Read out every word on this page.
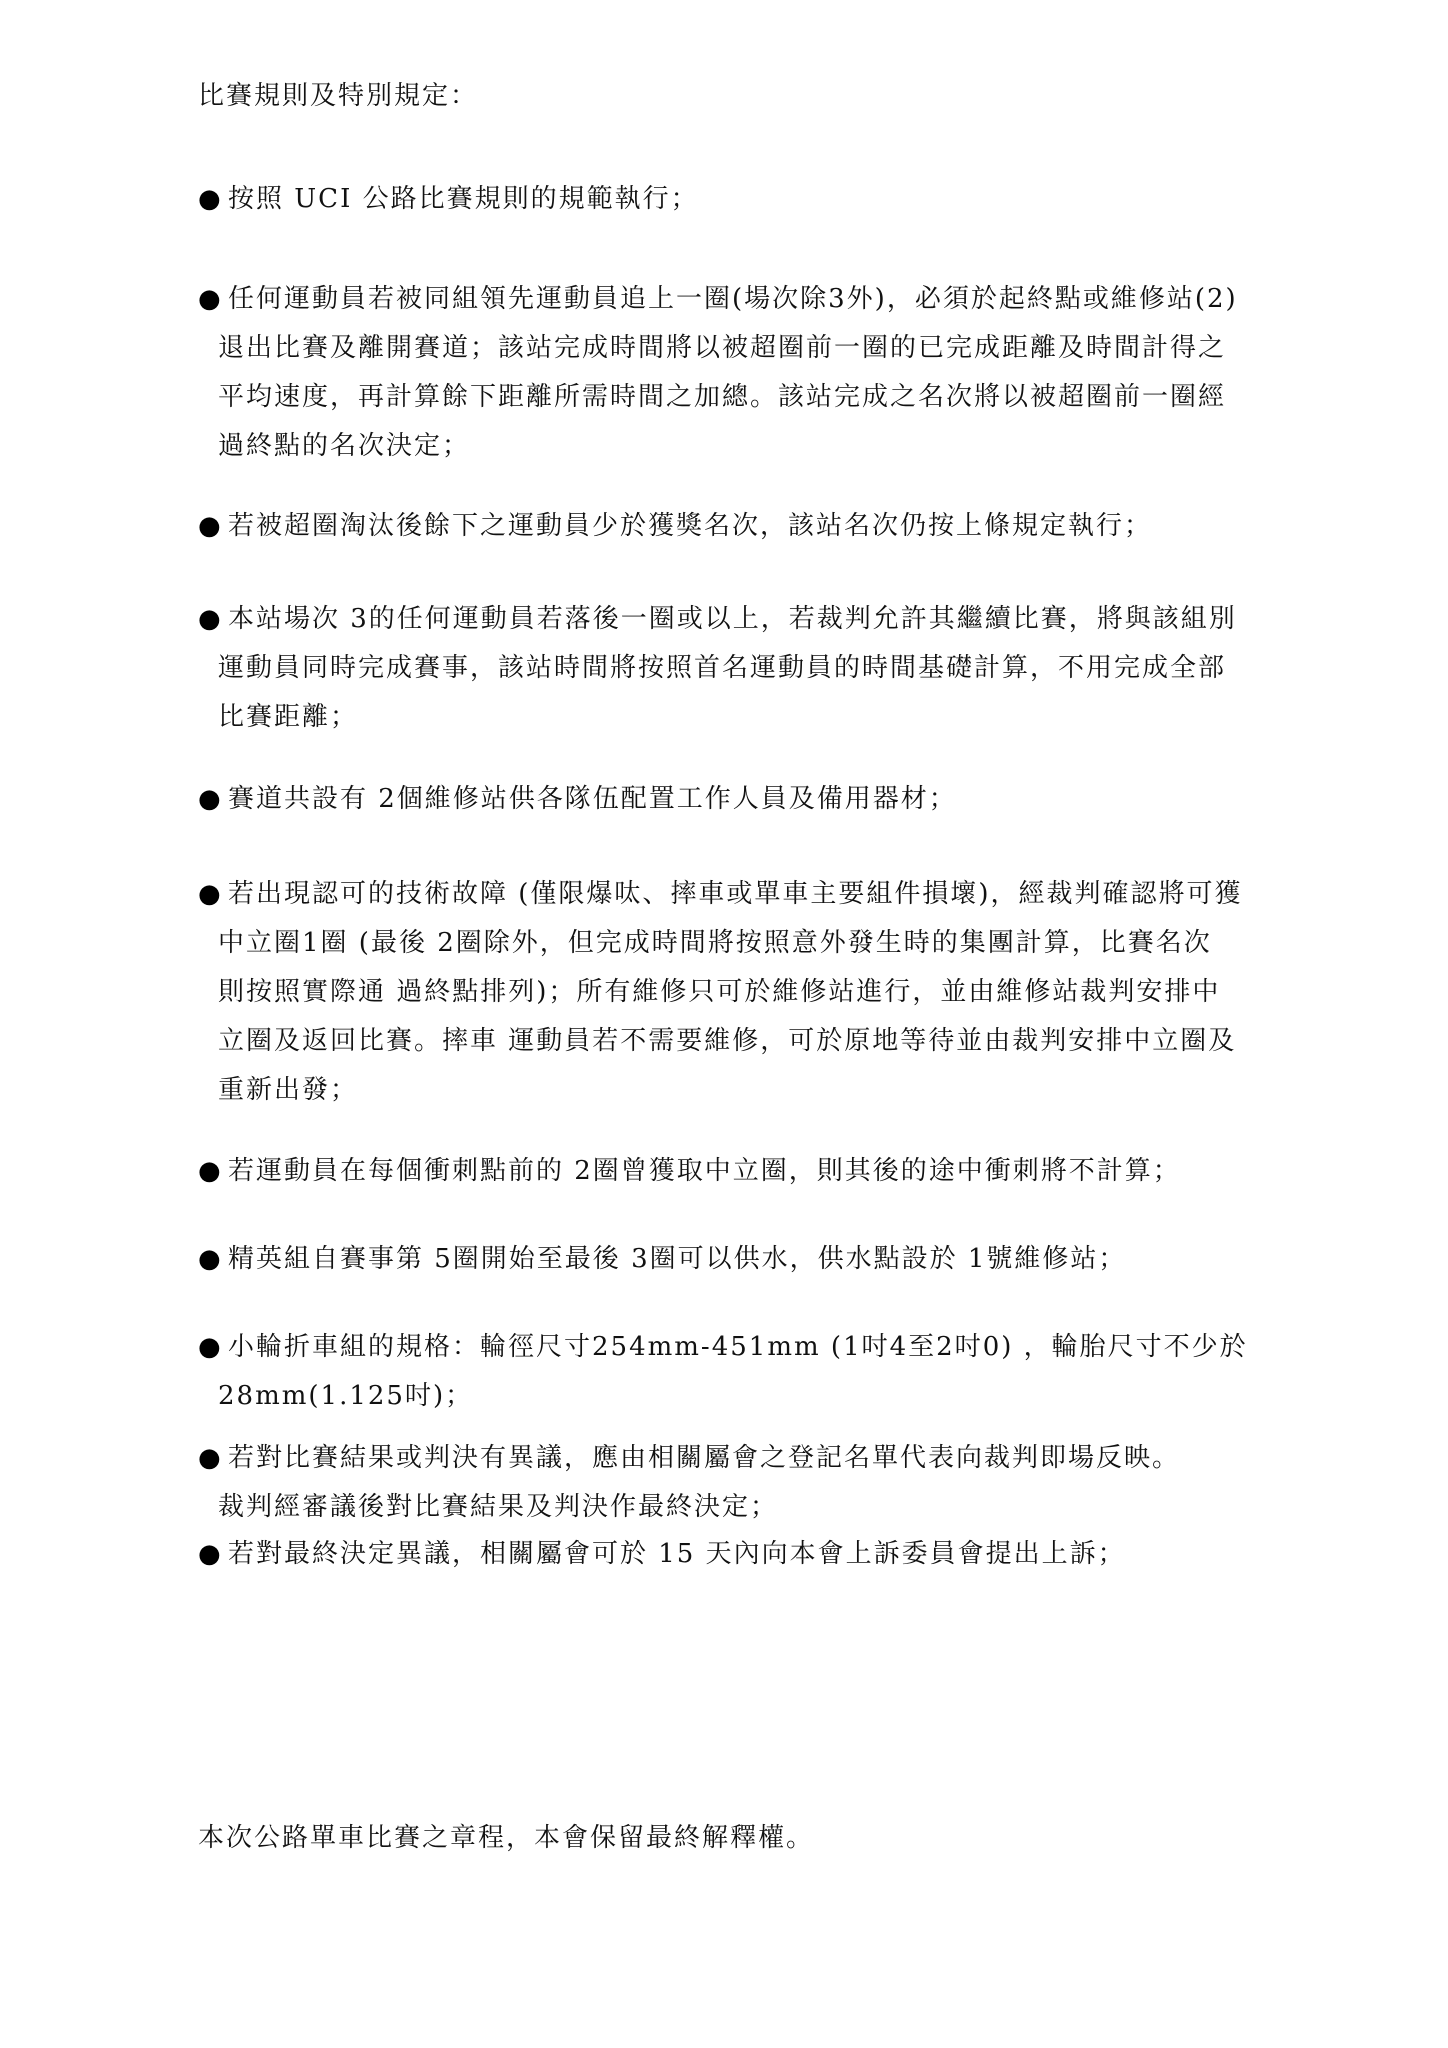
比賽規則及特別規定：
● 按照 UCI 公路比賽規則的規範執行；
● 任何運動員若被同組領先運動員追上一圈(場次除3外)，必須於起終點或維修站(2)
退出比賽及離開賽道；該站完成時間將以被超圈前一圈的已完成距離及時間計得之
平均速度，再計算餘下距離所需時間之加總。該站完成之名次將以被超圈前一圈經
過終點的名次決定；
● 若被超圈淘汰後餘下之運動員少於獲獎名次，該站名次仍按上條規定執行；
● 本站場次 3的任何運動員若落後一圈或以上，若裁判允許其繼續比賽，將與該組別
運動員同時完成賽事，該站時間將按照首名運動員的時間基礎計算，不用完成全部
比賽距離；
● 賽道共設有 2個維修站供各隊伍配置工作人員及備用器材；
● 若出現認可的技術故障 (僅限爆呔、摔車或單車主要組件損壞)，經裁判確認將可獲
中立圈1圈 (最後 2圈除外，但完成時間將按照意外發生時的集團計算，比賽名次
則按照實際通 過終點排列)；所有維修只可於維修站進行，並由維修站裁判安排中
立圈及返回比賽。摔車 運動員若不需要維修，可於原地等待並由裁判安排中立圈及
重新出發；
● 若運動員在每個衝刺點前的 2圈曾獲取中立圈，則其後的途中衝刺將不計算；
● 精英組自賽事第 5圈開始至最後 3圈可以供水，供水點設於 1號維修站；
● 小輪折車組的規格：輪徑尺寸254mm-451mm (1吋4至2吋0) ，輪胎尺寸不少於
28mm(1.125吋)；
● 若對比賽結果或判決有異議，應由相關屬會之登記名單代表向裁判即場反映。
裁判經審議後對比賽結果及判決作最終決定；
● 若對最終決定異議，相關屬會可於 15 天內向本會上訴委員會提出上訴；
本次公路單車比賽之章程，本會保留最終解釋權。
